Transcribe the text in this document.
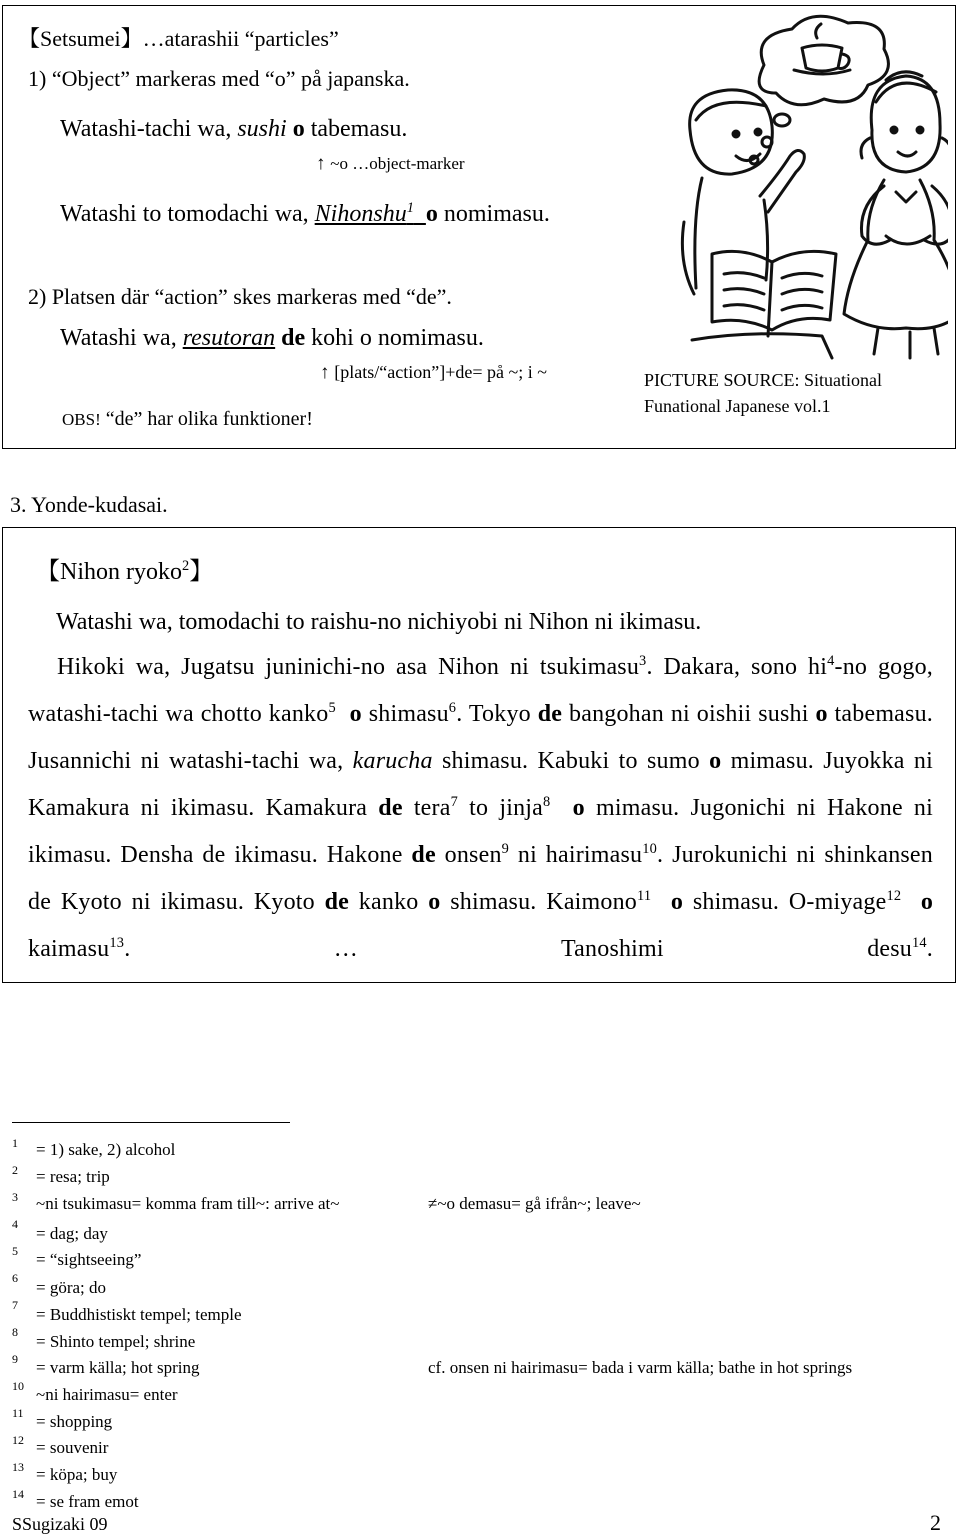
【Setsumei】…atarashii “particles”
1) “Object” markeras med “o” på japanska.
Watashi-tachi wa, sushi o tabemasu.
↑ ~o …object-marker
Watashi to tomodachi wa, Nihonshu$^1$ o nomimasu.
2) Platsen där “action” skes markeras med “de”.
Watashi wa, resutoran de kohi o nomimasu.
↑ [plats/“action”]+de= på ~; i ~
OBS! “de” har olika funktioner!
PICTURE SOURCE: Situational
Funational Japanese vol.1
3. Yonde-kudasai.
【Nihon ryoko$^2$】
Watashi wa, tomodachi to raishu-no nichiyobi ni Nihon ni ikimasu.
Hikoki wa, Jugatsu juninichi-no asa Nihon ni tsukimasu$^3$. Dakara, sono $hi^4-no$ gogo, watashi-tachi wa chotto kanko$^5$ o shimasu$^6$. Tokyo de bangohan ni oishii sushi o tabemasu. Jusannichi ni watashi-tachi wa, karucha shimasu. Kabuki to sumo o mimasu. Juyokka ni Kamakura ni ikimasu. Kamakura de tera$^7$ to jinja$^8$ o mimasu. Jugonichi ni Hakone ni ikimasu. Densha de ikimasu. Hakone de onsen$^9$ ni hairimasu$^{10}$. Jurokunichi ni shinkansen de Kyoto ni ikimasu. Kyoto de kanko o shimasu. Kaimono$^{11}$ o shimasu. O-miyage$^{12}$ o kaimasu$^{13}$. … Tanoshimi desu$^{14}$.
1 = 1) sake, 2) alcohol
2 = resa; trip
3 ~ni tsukimasu= komma fram till~: arrive at~	≠~o demasu= gå ifrån~; leave~
4 = dag; day
5 = “sightseeing”
6 = göra; do
7 = Buddhistiskt tempel; temple
8 = Shinto tempel; shrine
9 = varm källa; hot spring	cf. onsen ni hairimasu= bada i varm källa; bathe in hot springs
10 ~ni hairimasu= enter
11 = shopping
12 = souvenir
13 = köpa; buy
14 = se fram emot
SSugizaki 09	2
